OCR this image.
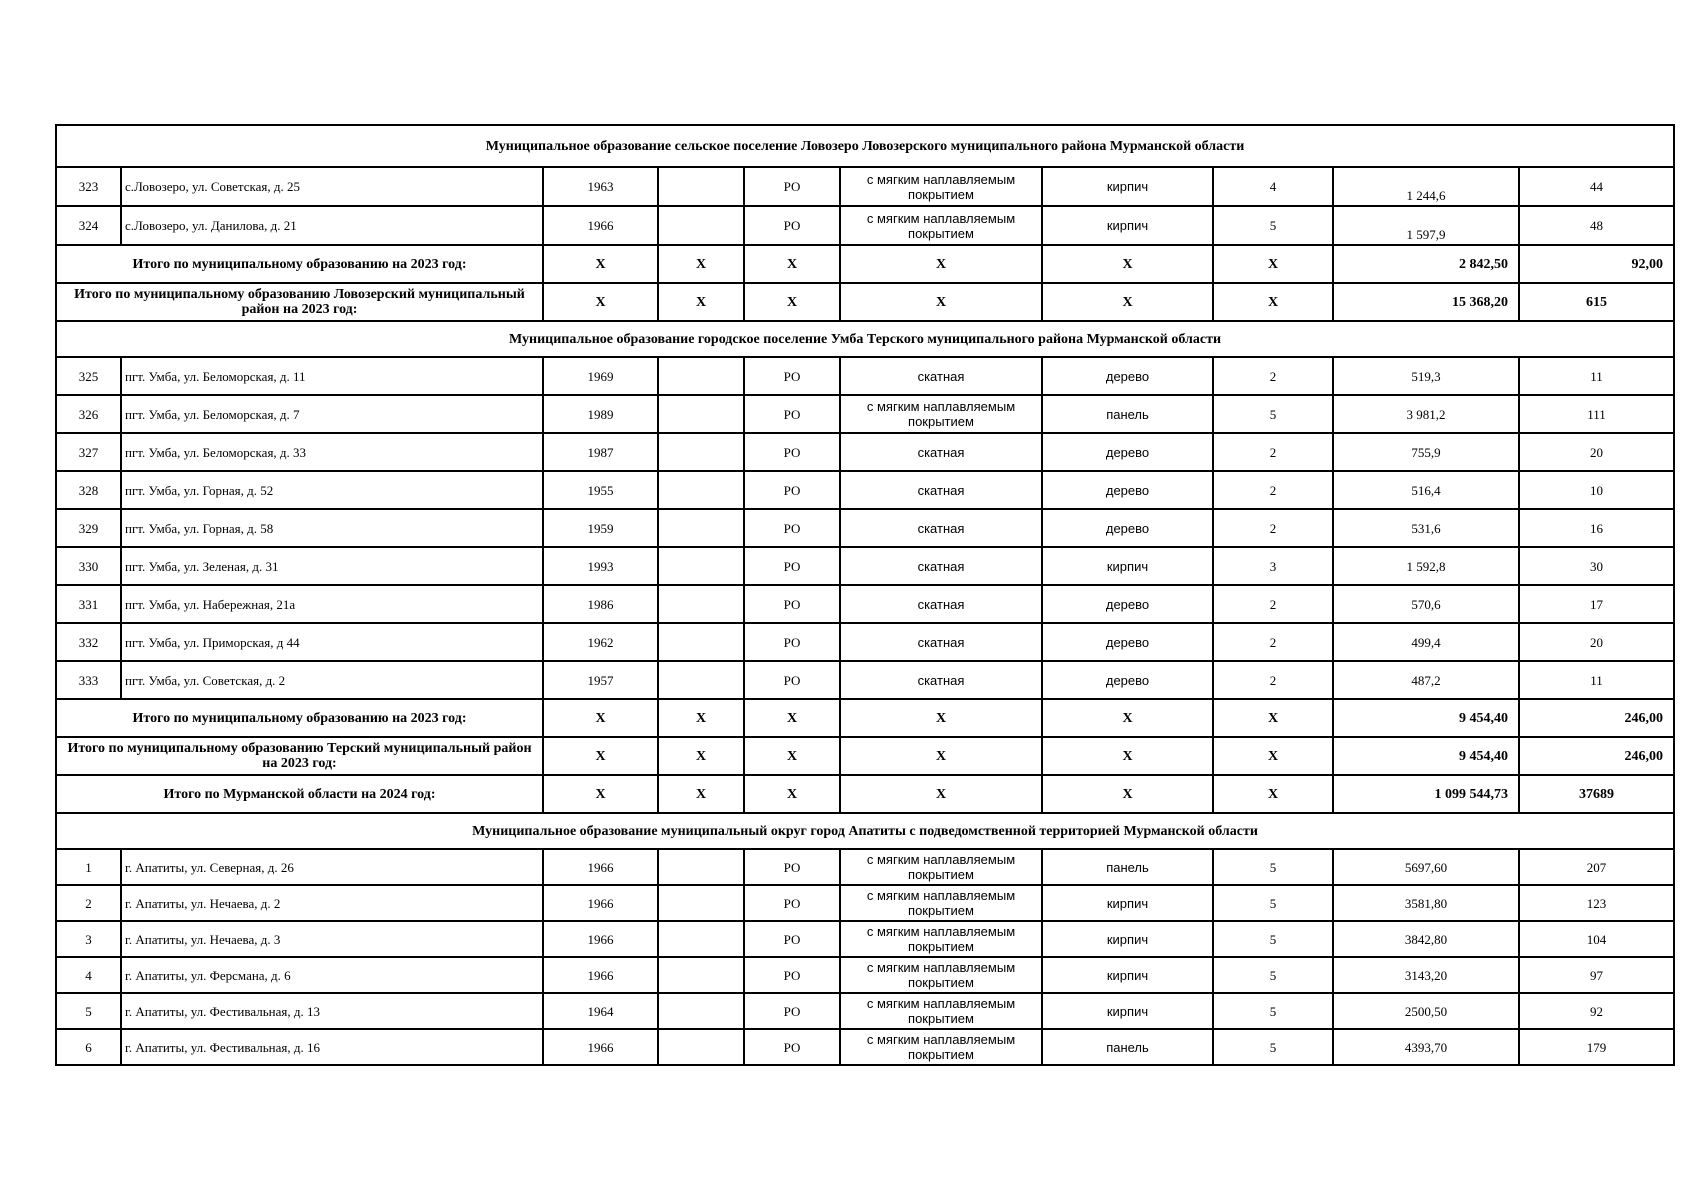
Муниципальное образование сельское поселение Ловозеро Ловозерского муниципального района Мурманской области									
323	с.Ловозеро, ул. Советская, д. 25	1963		РО	с мягким наплавляемым покрытием	кирпич	4	1 244,6	44
324	с.Ловозеро, ул. Данилова, д. 21	1966		РО	с мягким наплавляемым покрытием	кирпич	5	1 597,9	48
Итого по муниципальному образованию на 2023 год:		Х	Х	Х	Х	Х	Х	2 842,50	92,00
Итого по муниципальному образованию Ловозерский муниципальный район на 2023 год:		Х	Х	Х	Х	Х	Х	15 368,20	615
Муниципальное образование городское поселение Умба Терского муниципального района Мурманской области									
325	пгт. Умба, ул. Беломорская, д. 11	1969		РО	скатная	дерево	2	519,3	11
326	пгт. Умба, ул. Беломорская, д. 7	1989		РО	с мягким наплавляемым покрытием	панель	5	3 981,2	111
327	пгт. Умба, ул. Беломорская, д. 33	1987		РО	скатная	дерево	2	755,9	20
328	пгт. Умба, ул. Горная, д. 52	1955		РО	скатная	дерево	2	516,4	10
329	пгт. Умба, ул. Горная, д. 58	1959		РО	скатная	дерево	2	531,6	16
330	пгт. Умба, ул. Зеленая, д. 31	1993		РО	скатная	кирпич	3	1 592,8	30
331	пгт. Умба, ул. Набережная, 21а	1986		РО	скатная	дерево	2	570,6	17
332	пгт. Умба, ул. Приморская, д 44	1962		РО	скатная	дерево	2	499,4	20
333	пгт. Умба, ул. Советская, д. 2	1957		РО	скатная	дерево	2	487,2	11
Итого по муниципальному образованию на 2023 год:		Х	Х	Х	Х	Х	Х	9 454,40	246,00
Итого по муниципальному образованию Терский муниципальный район на 2023 год:		Х	Х	Х	Х	Х	Х	9 454,40	246,00
Итого по Мурманской области на 2024 год:		Х	Х	Х	Х	Х	Х	1 099 544,73	37689
Муниципальное образование муниципальный округ город Апатиты с подведомственной территорией Мурманской области									
1	г. Апатиты, ул. Северная, д. 26	1966		РО	с мягким наплавляемым покрытием	панель	5	5697,60	207
2	г. Апатиты, ул. Нечаева, д. 2	1966		РО	с мягким наплавляемым покрытием	кирпич	5	3581,80	123
3	г. Апатиты, ул. Нечаева, д. 3	1966		РО	с мягким наплавляемым покрытием	кирпич	5	3842,80	104
4	г. Апатиты, ул. Ферсмана, д. 6	1966		РО	с мягким наплавляемым покрытием	кирпич	5	3143,20	97
5	г. Апатиты, ул. Фестивальная, д. 13	1964		РО	с мягким наплавляемым покрытием	кирпич	5	2500,50	92
6	г. Апатиты, ул. Фестивальная, д. 16	1966		РО	с мягким наплавляемым покрытием	панель	5	4393,70	179
